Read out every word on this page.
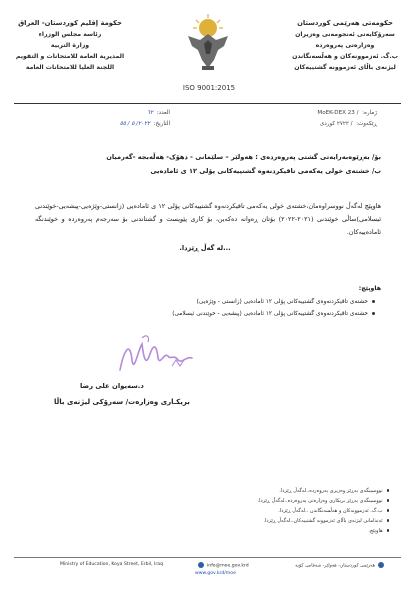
حکومەتی هەرێمی کوردستان
سەرۆکایەتی ئەنجومەنی وەزیران
وەزارەتی پەروەردە
ب.گ. ئەزموونەکان و هەڵسەنگاندن
لیژنەی باڵای ئەزموونە گشتییەکان
حكومة إقليم كوردستان- العراق
رئاسة مجلس الوزراء
وزارة التربية
المديرية العامة للامتحانات و التقويم
اللجنة العليا للامتحانات العامة
ISO 9001:2015
ژمارە:  MoEK-DEX 23 /
ڕێکەوت:  / ٢٧٢٢ کوردی
العدد:  ٦٢
التاريخ:  ٢٠٢٢/ ٥ / ٥٥
بۆ/ بەڕێوەبەرایەتی گشتی پەروەردەی : هەولێر – سلێمانی - دهۆک- هەڵەبجە -گەرمیان
ب/ خشتەی خولی یەکەمی تاقیکردنەوە گشتییەکانی پۆلی ١٢ ی ئامادەیی
هاوپێچ لەگەڵ نووسراوەمان،خشتەی خولی یەکەمی تاقیکردنەوە گشتییەکانی پۆلی ١٢ ی ئامادەیی (زانستی-وێژەیی-پیشەیی-خوێندنی ئیسلامی)ساڵی خوێندنی (٢٠٢١-٢٠٢٢) بۆتان ڕەوانە دەکەین، بۆ کاری پێویست و گشتاندنی بۆ سەرجەم پەروەردە و خوێندنگە ئامادەییەکان.
...لە گەڵ ڕێزدا.
هاوپێچ:
خشتەی تاقیکردنەوەی گشتییەکانی پۆلی ١٢ ئامادەیی (زانستی - وێژەیی)
خشتەی تاقیکردنەوەی گشتییەکانی پۆلی ١٢ ئامادەیی (پیشەیی - خوێندنی ئیسلامی)
د.سەیوان علی رضا
بریکـاری وەزارەت/ سەرۆکی لیژنەی باڵا
نووسینگەی بەڕێز وەزیری پەروەردە..لەگەڵ ڕێزدا.
نووسینگەی بەڕێز بریکاری وەزارەتی پەروەردە..لەگەڵ ڕێزدا.
ب.گ. ئەزموونەکان و هەڵسەنگاندن ..لەگەڵ ڕێزدا.
ئەندامانی لیژنەی باڵای ئەزموونە گشتییەکان..لەگەڵ ڕێزدا.
هاوپێچ.
Ministry of Education, Koya Street, Erbil, Iraq	info@moe.gov.krd
www.gov.krd/moe
هەرێمی کوردستان- هەولێر- شەقامی کۆیە
